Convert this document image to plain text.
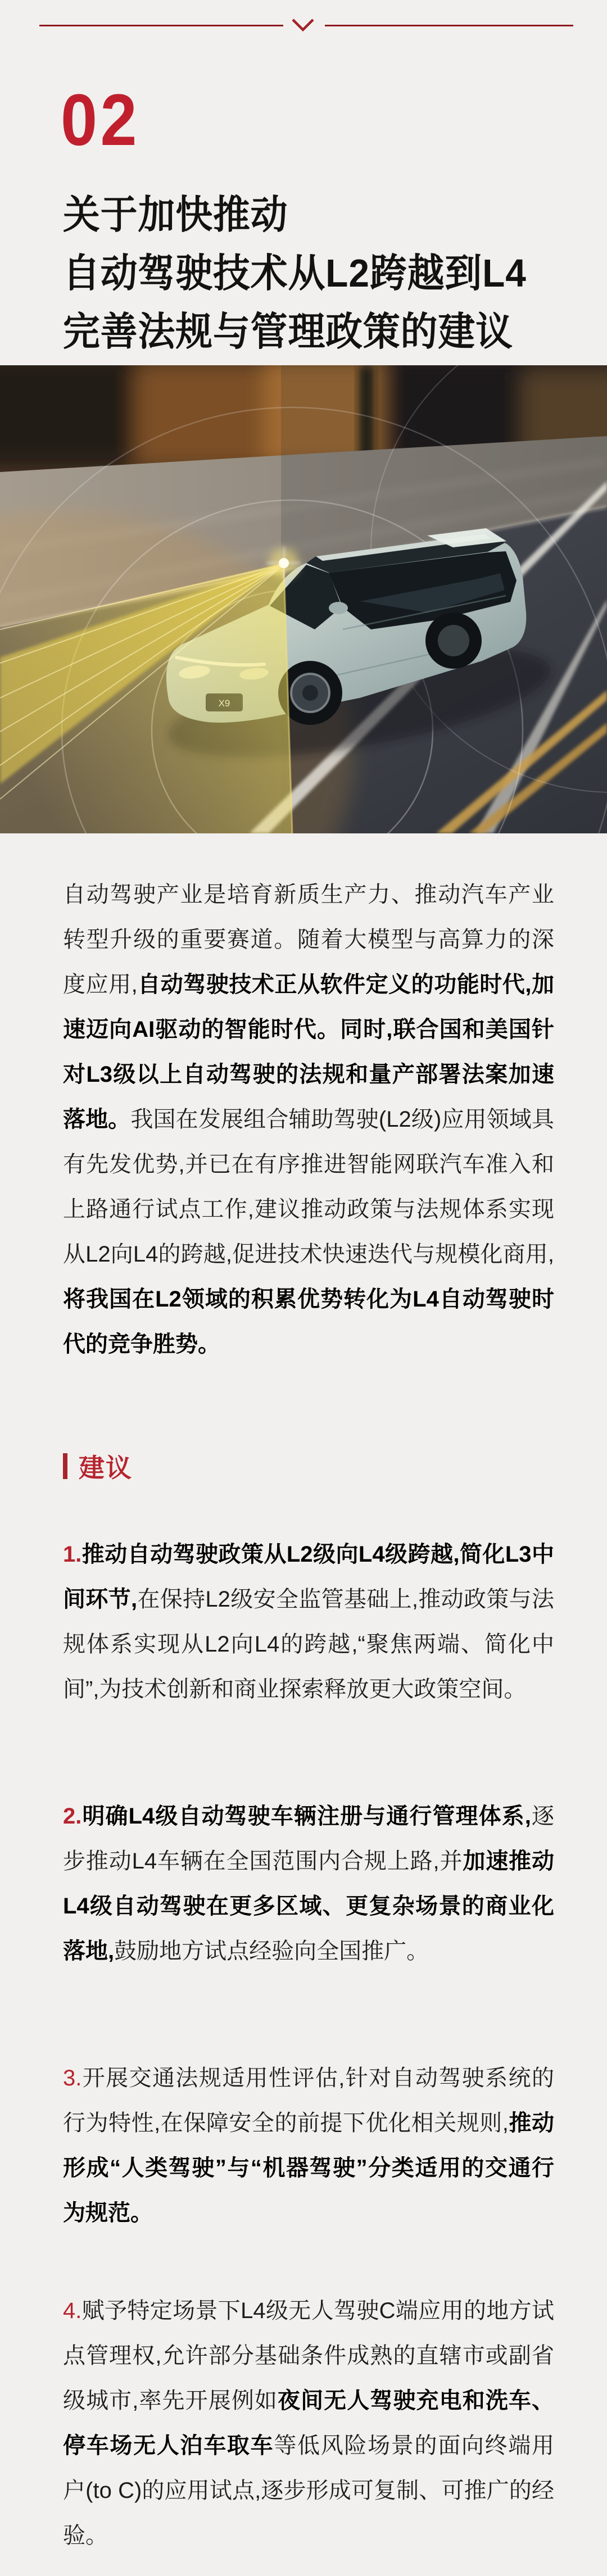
02
关于加快推动
自动驾驶技术从L2跨越到L4
完善法规与管理政策的建议
自动驾驶产业是培育新质生产力、推动汽车产业转型升级的重要赛道。随着大模型与高算力的深度应用,自动驾驶技术正从软件定义的功能时代,加速迈向AI驱动的智能时代。同时,联合国和美国针对L3级以上自动驾驶的法规和量产部署法案加速落地。我国在发展组合辅助驾驶(L2级)应用领域具有先发优势,并已在有序推进智能网联汽车准入和上路通行试点工作,建议推动政策与法规体系实现从L2向L4的跨越,促进技术快速迭代与规模化商用,将我国在L2领域的积累优势转化为L4自动驾驶时代的竞争胜势。
建议
1.推动自动驾驶政策从L2级向L4级跨越,简化L3中间环节,在保持L2级安全监管基础上,推动政策与法规体系实现从L2向L4的跨越,“聚焦两端、简化中间”,为技术创新和商业探索释放更大政策空间。
2.明确L4级自动驾驶车辆注册与通行管理体系,逐步推动L4车辆在全国范围内合规上路,并加速推动L4级自动驾驶在更多区域、更复杂场景的商业化落地,鼓励地方试点经验向全国推广。
3.开展交通法规适用性评估,针对自动驾驶系统的行为特性,在保障安全的前提下优化相关规则,推动形成“人类驾驶”与“机器驾驶”分类适用的交通行为规范。
4.赋予特定场景下L4级无人驾驶C端应用的地方试点管理权,允许部分基础条件成熟的直辖市或副省级城市,率先开展例如夜间无人驾驶充电和洗车、停车场无人泊车取车等低风险场景的面向终端用户(to C)的应用试点,逐步形成可复制、可推广的经验。
